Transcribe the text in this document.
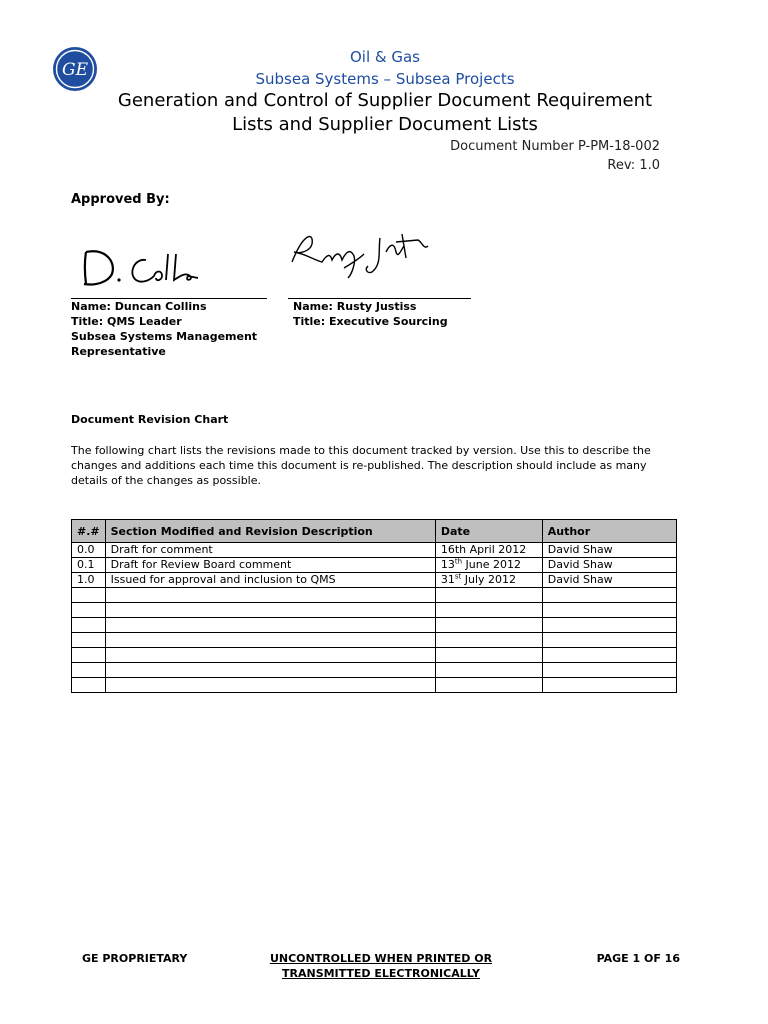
GE
Oil & Gas
Subsea Systems – Subsea Projects
Generation and Control of Supplier Document Requirement
Lists and Supplier Document Lists
Document Number P-PM-18-002
Rev: 1.0
Approved By:
Name: Duncan Collins
Title: QMS Leader
Subsea Systems Management
Representative
Name: Rusty Justiss
Title: Executive Sourcing
Document Revision Chart
The following chart lists the revisions made to this document tracked by version. Use this to describe the changes and additions each time this document is re-published. The description should include as many details of the changes as possible.
#.#	Section Modified and Revision Description	Date	Author
0.0	Draft for comment	16th April 2012	David Shaw
0.1	Draft for Review Board comment	13th June 2012	David Shaw
1.0	Issued for approval and inclusion to QMS	31st July 2012	David Shaw

GE PROPRIETARY	UNCONTROLLED WHEN PRINTED OR
TRANSMITTED ELECTRONICALLY
PAGE 1 OF 16
